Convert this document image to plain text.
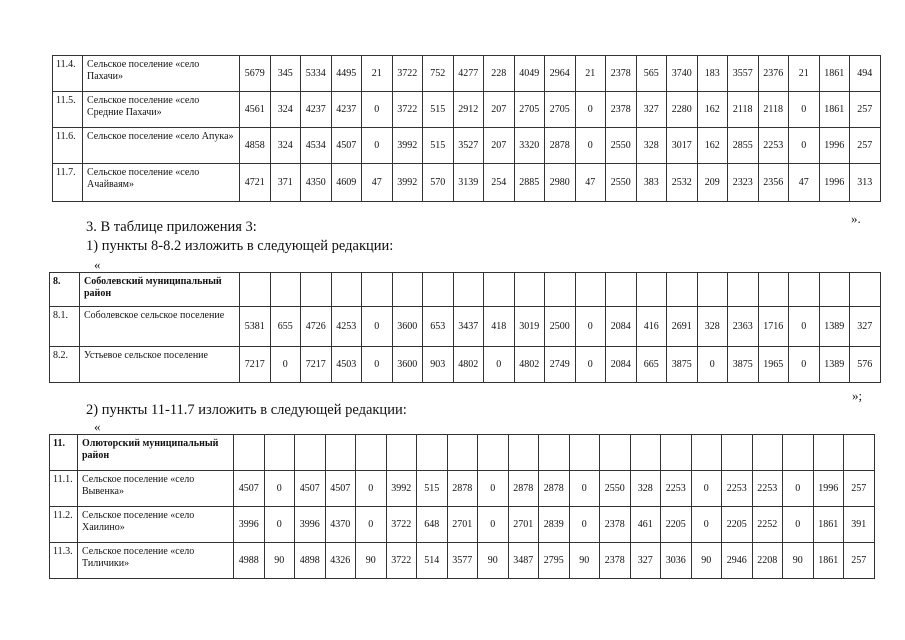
11.4.	Сельское поселение «село Пахачи»	5679	345	5334	4495	21	3722	752	4277	228	4049	2964	21	2378	565	3740	183	3557	2376	21	1861	494
11.5.	Сельское поселение «село Средние Пахачи»	4561	324	4237	4237	0	3722	515	2912	207	2705	2705	0	2378	327	2280	162	2118	2118	0	1861	257
11.6.	Сельское поселение «село Апука»	4858	324	4534	4507	0	3992	515	3527	207	3320	2878	0	2550	328	3017	162	2855	2253	0	1996	257
11.7.	Сельское поселение «село Ачайваям»	4721	371	4350	4609	47	3992	570	3139	254	2885	2980	47	2550	383	2532	209	2323	2356	47	1996	313
».
3. В таблице приложения 3:
1) пункты 8-8.2 изложить в следующей редакции:
«
8.	Соболевский муниципальный район																					
8.1.	Соболевское сельское поселение	5381	655	4726	4253	0	3600	653	3437	418	3019	2500	0	2084	416	2691	328	2363	1716	0	1389	327
8.2.	Устьевое сельское поселение	7217	0	7217	4503	0	3600	903	4802	0	4802	2749	0	2084	665	3875	0	3875	1965	0	1389	576
»;
2) пункты 11-11.7 изложить в следующей редакции:
«
11.	Олюторский муниципальный район																					
11.1.	Сельское поселение «село Вывенка»	4507	0	4507	4507	0	3992	515	2878	0	2878	2878	0	2550	328	2253	0	2253	2253	0	1996	257
11.2.	Сельское поселение «село Хаилино»	3996	0	3996	4370	0	3722	648	2701	0	2701	2839	0	2378	461	2205	0	2205	2252	0	1861	391
11.3.	Сельское поселение «село Тиличики»	4988	90	4898	4326	90	3722	514	3577	90	3487	2795	90	2378	327	3036	90	2946	2208	90	1861	257
